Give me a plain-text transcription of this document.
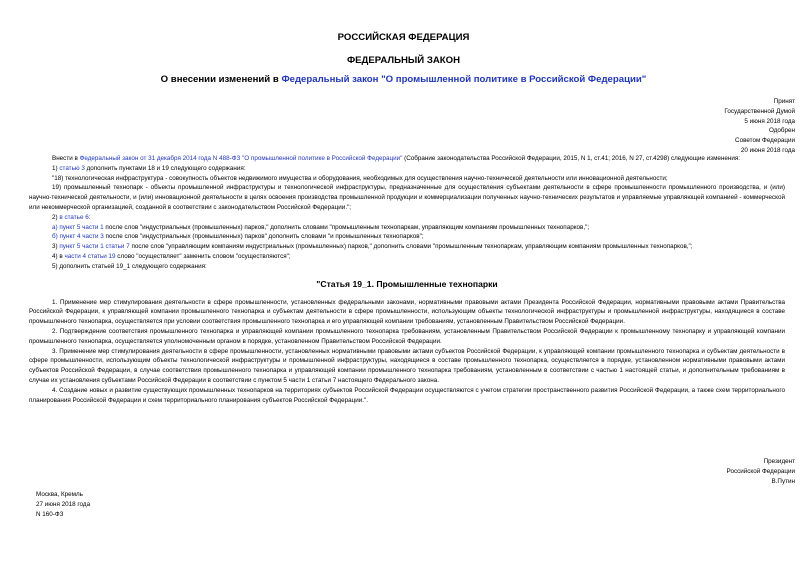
РОССИЙСКАЯ ФЕДЕРАЦИЯ
ФЕДЕРАЛЬНЫЙ ЗАКОН
О внесении изменений в Федеральный закон "О промышленной политике в Российской Федерации"
Принят
Государственной Думой
5 июня 2018 года
Одобрен
Советом Федерации
20 июня 2018 года

Внести в Федеральный закон от 31 декабря 2014 года N 488-ФЗ "О промышленной политике в Российской Федерации" (Собрание законодательства Российской Федерации, 2015, N 1, ст.41; 2016, N 27, ст.4298) следующие изменения:

1) статью 3 дополнить пунктами 18 и 19 следующего содержания:

"18) технологическая инфраструктура - совокупность объектов недвижимого имущества и оборудования, необходимых для осуществления научно-технической деятельности или инновационной деятельности;

19) промышленный технопарк - объекты промышленной инфраструктуры и технологической инфраструктуры, предназначенные для осуществления субъектами деятельности в сфере промышленности промышленного производства, и (или) научно-технической деятельности, и (или) инновационной деятельности в целях освоения производства промышленной продукции и коммерциализации полученных научно-технических результатов и управляемые управляющей компанией - коммерческой или некоммерческой организацией, созданной в соответствии с законодательством Российской Федерации.";

2) в статье 6:

а) пункт 5 части 1 после слов "индустриальных (промышленных) парков," дополнить словами "промышленным технопаркам, управляющим компаниям промышленных технопарков,";

б) пункт 4 части 3 после слов "индустриальных (промышленных) парков" дополнить словами "и промышленных технопарков";

3) пункт 5 части 1 статьи 7 после слов "управляющим компаниям индустриальных (промышленных) парков," дополнить словами "промышленным технопаркам, управляющим компаниям промышленных технопарков,";

4) в части 4 статьи 19 слово "осуществляет" заменить словом "осуществляются";

5) дополнить статьей 19_1 следующего содержания:

"Статья 19_1. Промышленные технопарки

1. Применение мер стимулирования деятельности в сфере промышленности, установленных федеральными законами, нормативными правовыми актами Президента Российской Федерации, нормативными правовыми актами Правительства Российской Федерации, к управляющей компании промышленного технопарка и субъектам деятельности в сфере промышленности, использующим объекты технологической инфраструктуры и промышленной инфраструктуры, находящиеся в составе промышленного технопарка, осуществляется при условии соответствия промышленного технопарка и его управляющей компании требованиям, установленным Правительством Российской Федерации.

2. Подтверждение соответствия промышленного технопарка и управляющей компании промышленного технопарка требованиям, установленным Правительством Российской Федерации к промышленному технопарку и управляющей компании промышленного технопарка, осуществляется уполномоченным органом в порядке, установленном Правительством Российской Федерации.

3. Применение мер стимулирования деятельности в сфере промышленности, установленных нормативными правовыми актами субъектов Российской Федерации, к управляющей компании промышленного технопарка и субъектам деятельности в сфере промышленности, использующим объекты технологической инфраструктуры и промышленной инфраструктуры, находящиеся в составе промышленного технопарка, осуществляется в порядке, установленном нормативными правовыми актами субъектов Российской Федерации, в случае соответствия промышленного технопарка и управляющей компании промышленного технопарка требованиям, установленным в соответствии с частью 1 настоящей статьи, и дополнительным требованиям в случае их установления субъектами Российской Федерации в соответствии с пунктом 5 части 1 статьи 7 настоящего Федерального закона.

4. Создание новых и развитие существующих промышленных технопарков на территориях субъектов Российской Федерации осуществляются с учетом стратегии пространственного развития Российской Федерации, а также схем территориального планирования Российской Федерации и схем территориального планирования субъектов Российской Федерации.".

Президент
Российской Федерации
В.Путин
Москва, Кремль
27 июня 2018 года
N 160-ФЗ
